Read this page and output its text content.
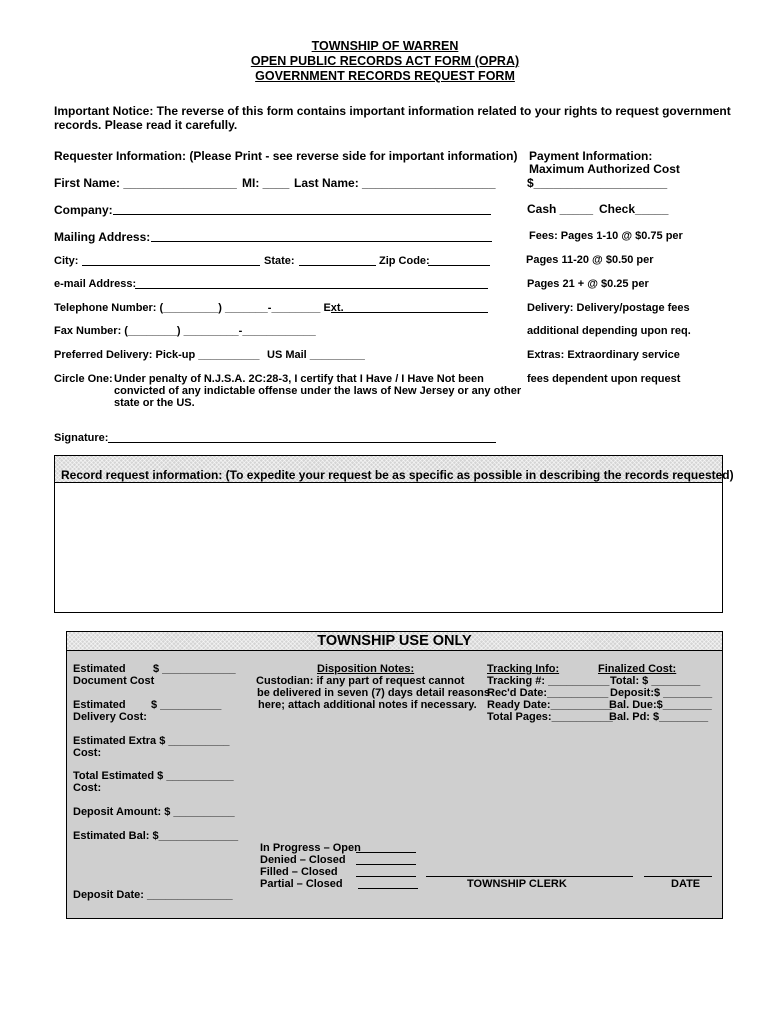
TOWNSHIP OF WARREN
OPEN PUBLIC RECORDS ACT FORM (OPRA)
GOVERNMENT RECORDS REQUEST FORM
Important Notice: The reverse of this form contains important information related to your rights to request government
records. Please read it carefully.
Requester Information: (Please Print - see reverse side for important information)
First Name: _________________ MI: ____ Last Name: ____________________
Company:
Mailing Address:
City:	State:	Zip Code:
e-mail Address:
Telephone Number: (_________) _______-________ Ext.
Fax Number: (________) _________-____________
Preferred Delivery: Pick-up __________ US Mail _________
Circle One: Under penalty of N.J.S.A. 2C:28-3, I certify that I Have / I Have Not been
convicted of any indictable offense under the laws of New Jersey or any other
state or the US.
Signature:
Payment Information:
Maximum Authorized Cost
$____________________
Cash _____ Check_____
Fees: Pages 1-10 @ $0.75 per
Pages 11-20 @ $0.50 per
Pages 21 + @ $0.25 per
Delivery: Delivery/postage fees
additional depending upon req.
Extras: Extraordinary service
fees dependent upon request
Record request information: (To expedite your request be as specific as possible in describing the records requested)
TOWNSHIP USE ONLY
Estimated $ ____________
Document Cost
Estimated $ __________
Delivery Cost:
Estimated Extra $ __________
Cost:
Total Estimated $ ___________
Cost:
Deposit Amount: $ __________
Estimated Bal: $_____________
Deposit Date: ______________
Disposition Notes:
Custodian: if any part of request cannot
be delivered in seven (7) days detail reasons
here; attach additional notes if necessary.
Tracking Info:
Tracking #: __________
Rec'd Date:__________
Ready Date:__________
Total Pages:__________
Finalized Cost:
Total: $ ________
Deposit:$ ________
Bal. Due:$________
Bal. Pd: $________
In Progress – Open
Denied – Closed
Filled – Closed
Partial – Closed	TOWNSHIP CLERK	DATE
